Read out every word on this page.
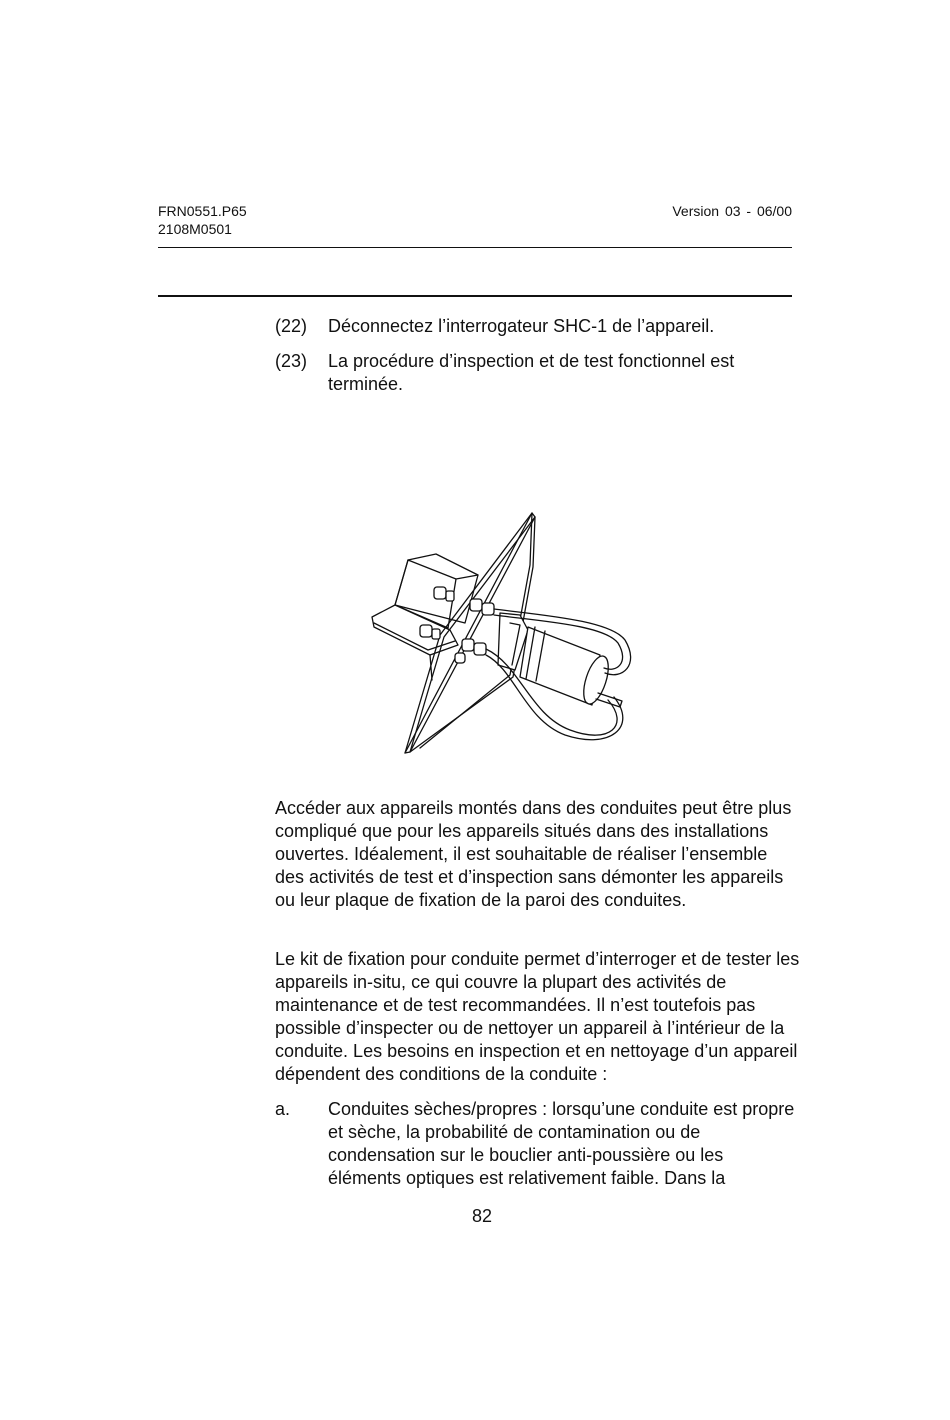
FRN0551.P65
2108M0501
Version 03 - 06/00
(22) Déconnectez l’interrogateur SHC-1 de l’appareil.
(23) La procédure d’inspection et de test fonctionnel est terminée.
Accéder aux appareils montés dans des conduites peut être plus compliqué que pour les appareils situés dans des installations ouvertes. Idéalement, il est souhaitable de réaliser l’ensemble des activités de test et d’inspection sans démonter les appareils ou leur plaque de fixation de la paroi des conduites.
Le kit de fixation pour conduite permet d’interroger et de tester les appareils in-situ, ce qui couvre la plupart des activités de maintenance et de test recommandées. Il n’est toutefois pas possible d’inspecter ou de nettoyer un appareil à l’intérieur de la conduite. Les besoins en inspection et en nettoyage d’un appareil dépendent des conditions de la conduite :
a. Conduites sèches/propres : lorsqu’une conduite est propre et sèche, la probabilité de contamination ou de condensation sur le bouclier anti-poussière ou les éléments optiques est relativement faible. Dans la
82
